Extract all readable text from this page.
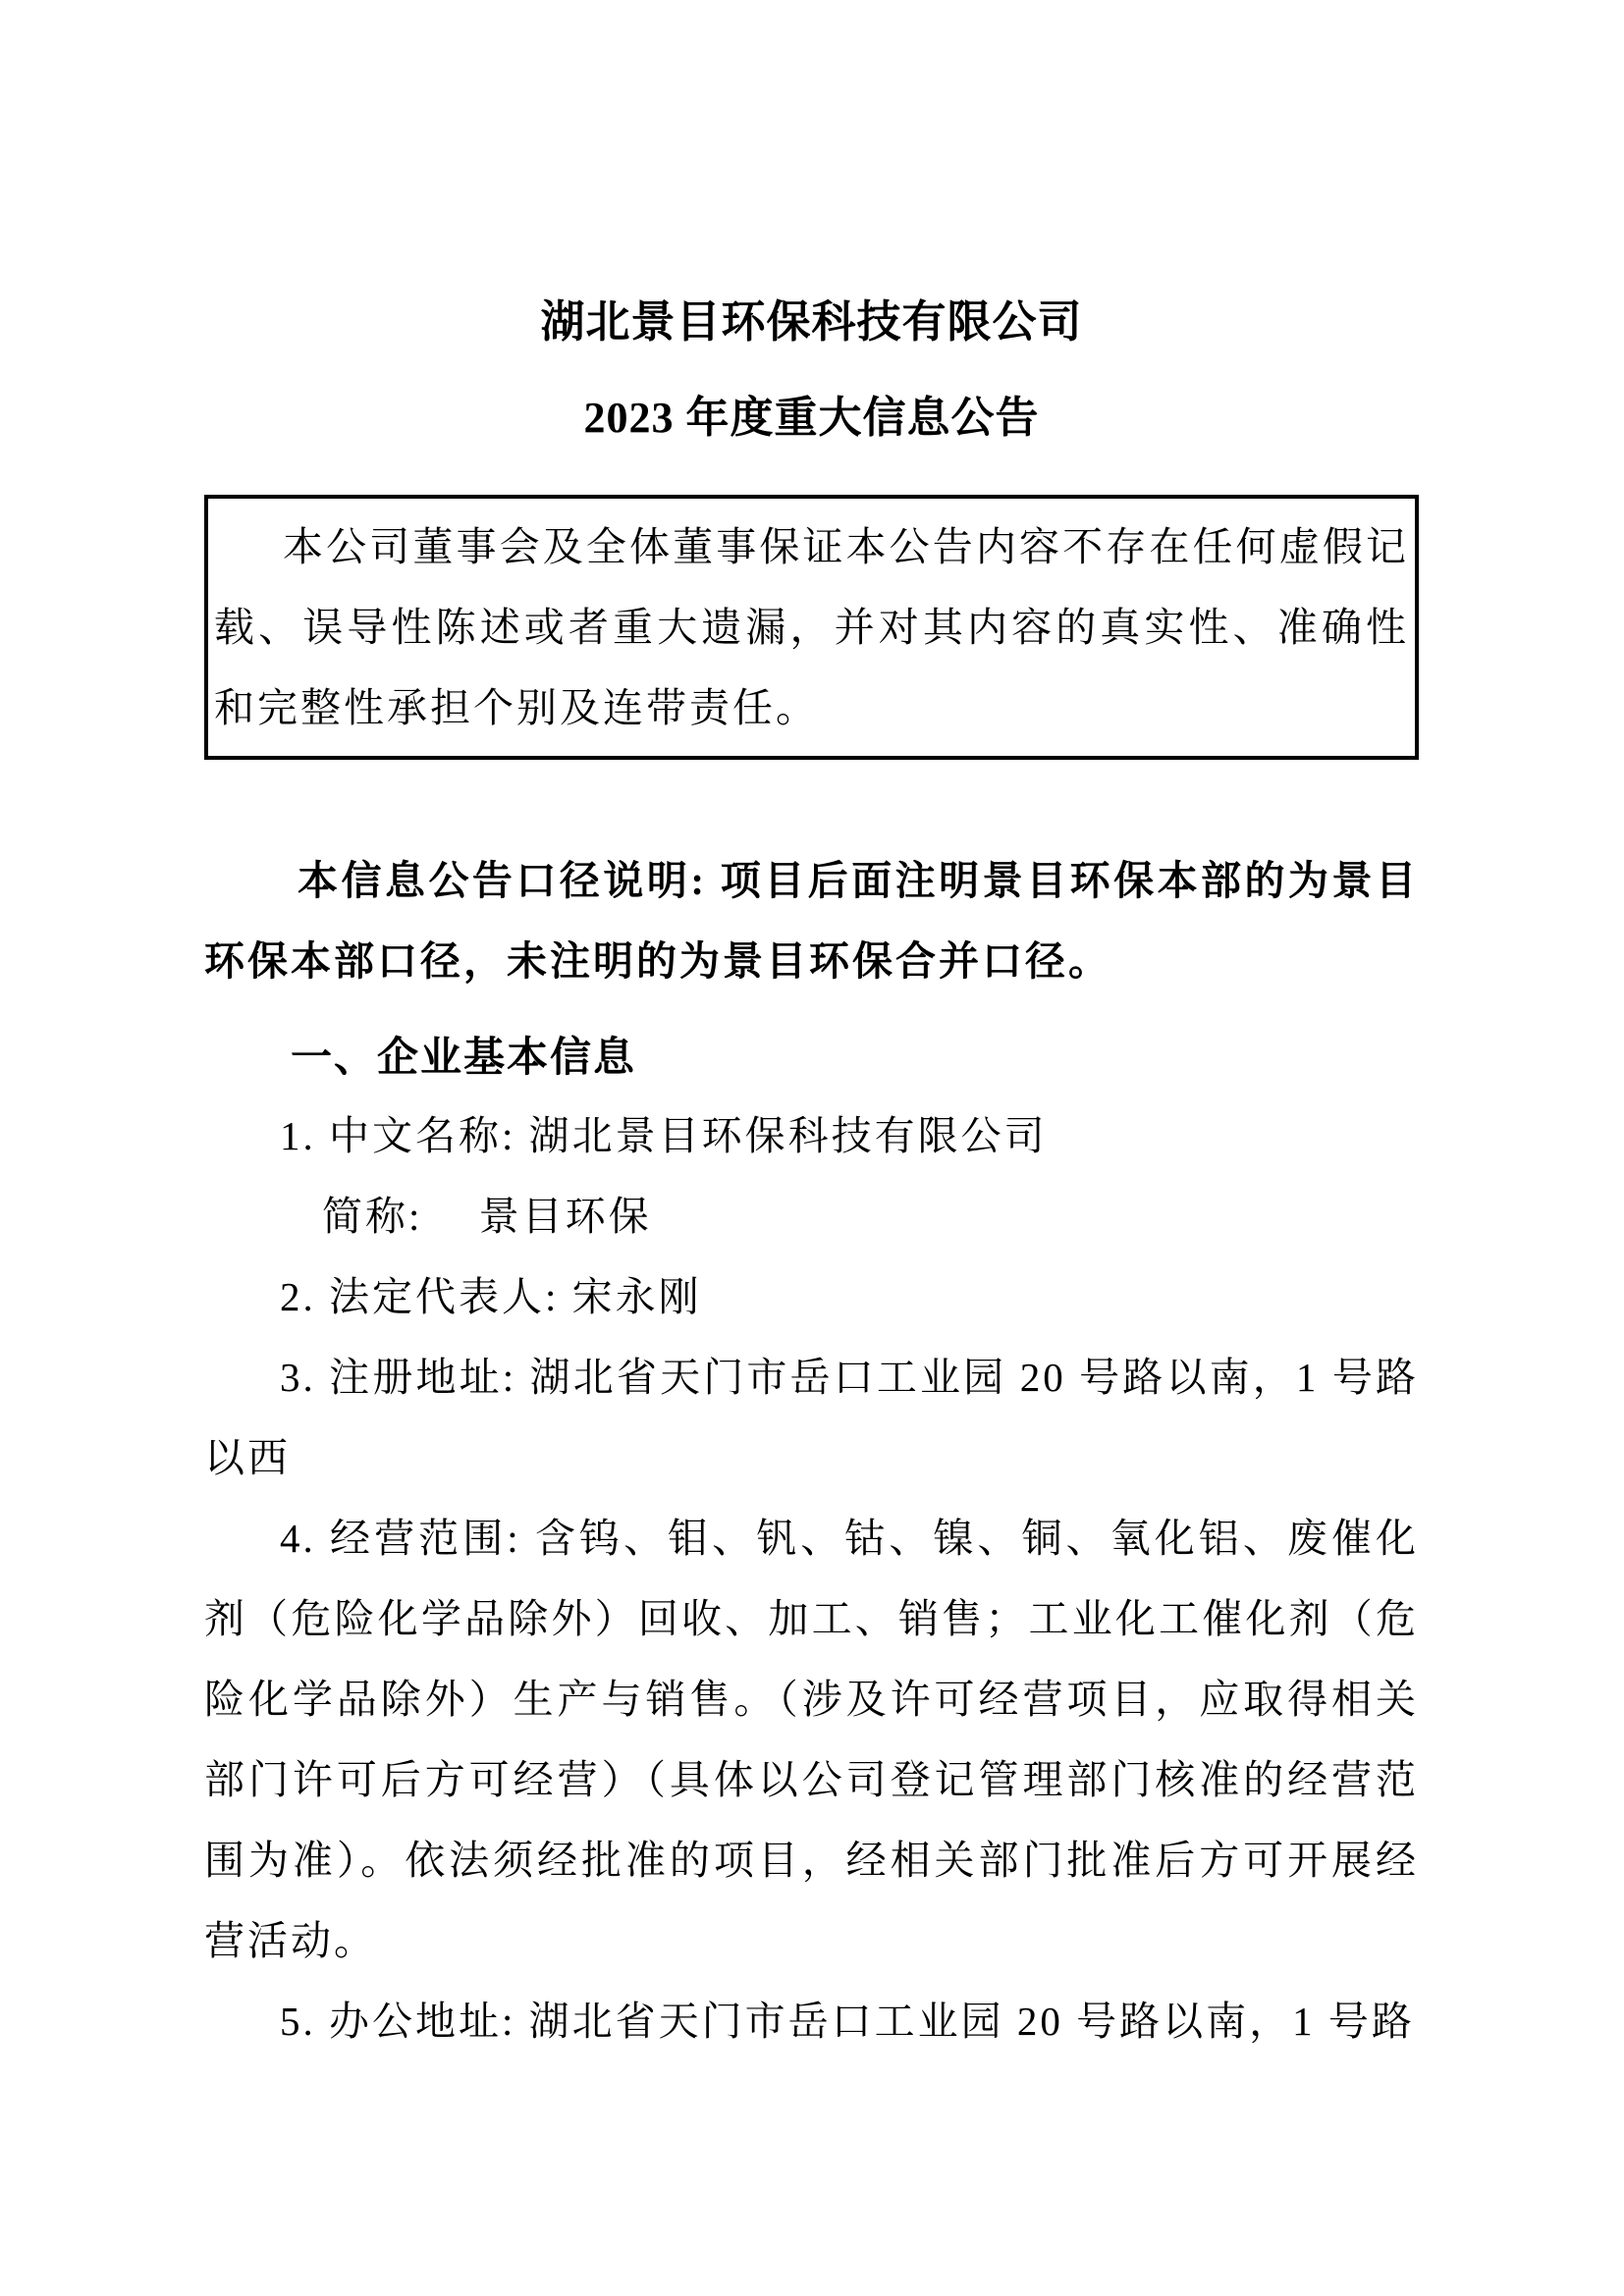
湖北景目环保科技有限公司
2023 年度重大信息公告

本公司董事会及全体董事保证本公告内容不存在任何虚假记载、误导性陈述或者重大遗漏，并对其内容的真实性、准确性和完整性承担个别及连带责任。

本信息公告口径说明: 项目后面注明景目环保本部的为景目环保本部口径，未注明的为景目环保合并口径。

一、企业基本信息

1. 中文名称: 湖北景目环保科技有限公司

简称:　 景目环保

2. 法定代表人: 宋永刚

3. 注册地址: 湖北省天门市岳口工业园 20 号路以南，1 号路以西

4. 经营范围: 含钨、钼、钒、钴、镍、铜、氧化铝、废催化剂（危险化学品除外）回收、加工、销售；工业化工催化剂（危险化学品除外）生产与销售。（涉及许可经营项目，应取得相关部门许可后方可经营）（具体以公司登记管理部门核准的经营范围为准）。依法须经批准的项目，经相关部门批准后方可开展经营活动。

5. 办公地址: 湖北省天门市岳口工业园 20 号路以南，1 号路
